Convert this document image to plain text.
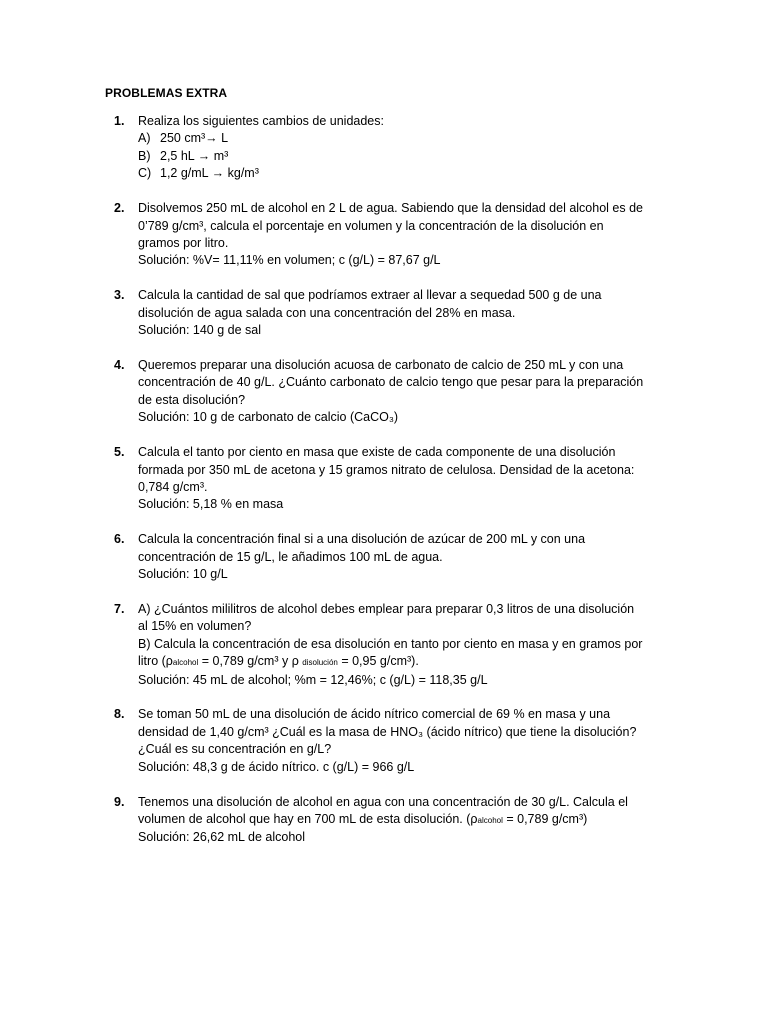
PROBLEMAS EXTRA
1. Realiza los siguientes cambios de unidades:
A) 250 cm³→ L
B) 2,5 hL → m³
C) 1,2 g/mL → kg/m³
2. Disolvemos 250 mL de alcohol en 2 L de agua. Sabiendo que la densidad del alcohol es de
0’789 g/cm³, calcula el porcentaje en volumen y la concentración de la disolución en
gramos por litro.
Solución: %V= 11,11% en volumen; c (g/L) = 87,67 g/L
3. Calcula la cantidad de sal que podríamos extraer al llevar a sequedad 500 g de una
disolución de agua salada con una concentración del 28% en masa.
Solución: 140 g de sal
4. Queremos preparar una disolución acuosa de carbonato de calcio de 250 mL y con una
concentración de 40 g/L. ¿Cuánto carbonato de calcio tengo que pesar para la preparación
de esta disolución?
Solución: 10 g de carbonato de calcio (CaCO₃)
5. Calcula el tanto por ciento en masa que existe de cada componente de una disolución
formada por 350 mL de acetona y 15 gramos nitrato de celulosa. Densidad de la acetona:
0,784 g/cm³.
Solución: 5,18 % en masa
6. Calcula la concentración final si a una disolución de azúcar de 200 mL y con una
concentración de 15 g/L, le añadimos 100 mL de agua.
Solución: 10 g/L
7. A) ¿Cuántos mililitros de alcohol debes emplear para preparar 0,3 litros de una disolución
al 15% en volumen?
B) Calcula la concentración de esa disolución en tanto por ciento en masa y en gramos por
litro (ρalcohol = 0,789 g/cm³ y ρ disolución = 0,95 g/cm³).
Solución: 45 mL de alcohol; %m = 12,46%; c (g/L) = 118,35 g/L
8. Se toman 50 mL de una disolución de ácido nítrico comercial de 69 % en masa y una
densidad de 1,40 g/cm³ ¿Cuál es la masa de HNO₃ (ácido nítrico) que tiene la disolución?
¿Cuál es su concentración en g/L?
Solución: 48,3 g de ácido nítrico. c (g/L) = 966 g/L
9. Tenemos una disolución de alcohol en agua con una concentración de 30 g/L. Calcula el
volumen de alcohol que hay en 700 mL de esta disolución. (ρalcohol = 0,789 g/cm³)
Solución: 26,62 mL de alcohol
